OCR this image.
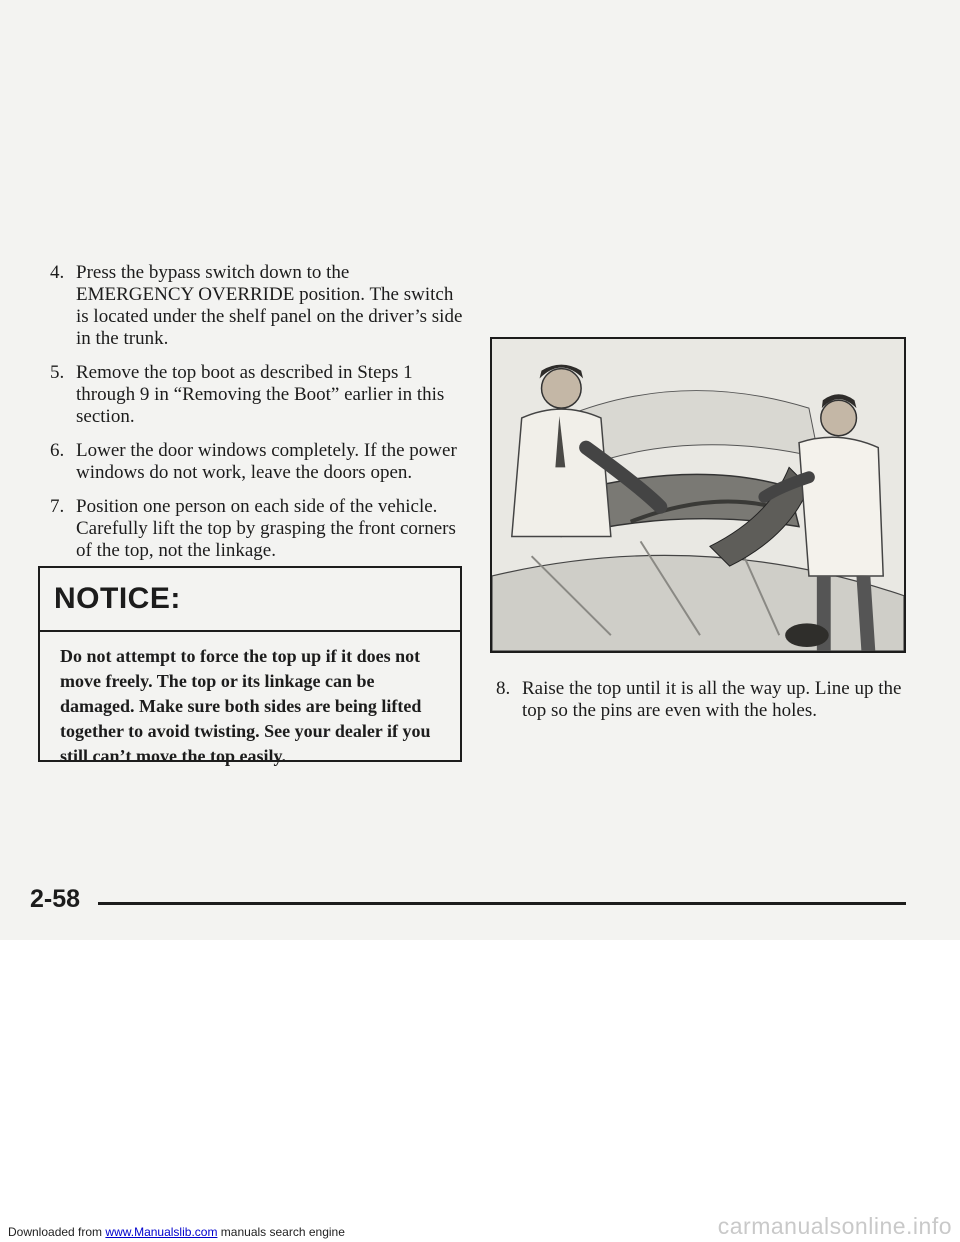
4. Press the bypass switch down to the EMERGENCY OVERRIDE position. The switch is located under the shelf panel on the driver’s side in the trunk.
5. Remove the top boot as described in Steps 1 through 9 in “Removing the Boot” earlier in this section.
6. Lower the door windows completely. If the power windows do not work, leave the doors open.
7. Position one person on each side of the vehicle. Carefully lift the top by grasping the front corners of the top, not the linkage.
NOTICE:
Do not attempt to force the top up if it does not move freely. The top or its linkage can be damaged. Make sure both sides are being lifted together to avoid twisting. See your dealer if you still can’t move the top easily.
8. Raise the top until it is all the way up. Line up the top so the pins are even with the holes.
2-58
Downloaded from www.Manualslib.com manuals search engine	carmanualsonline.info
